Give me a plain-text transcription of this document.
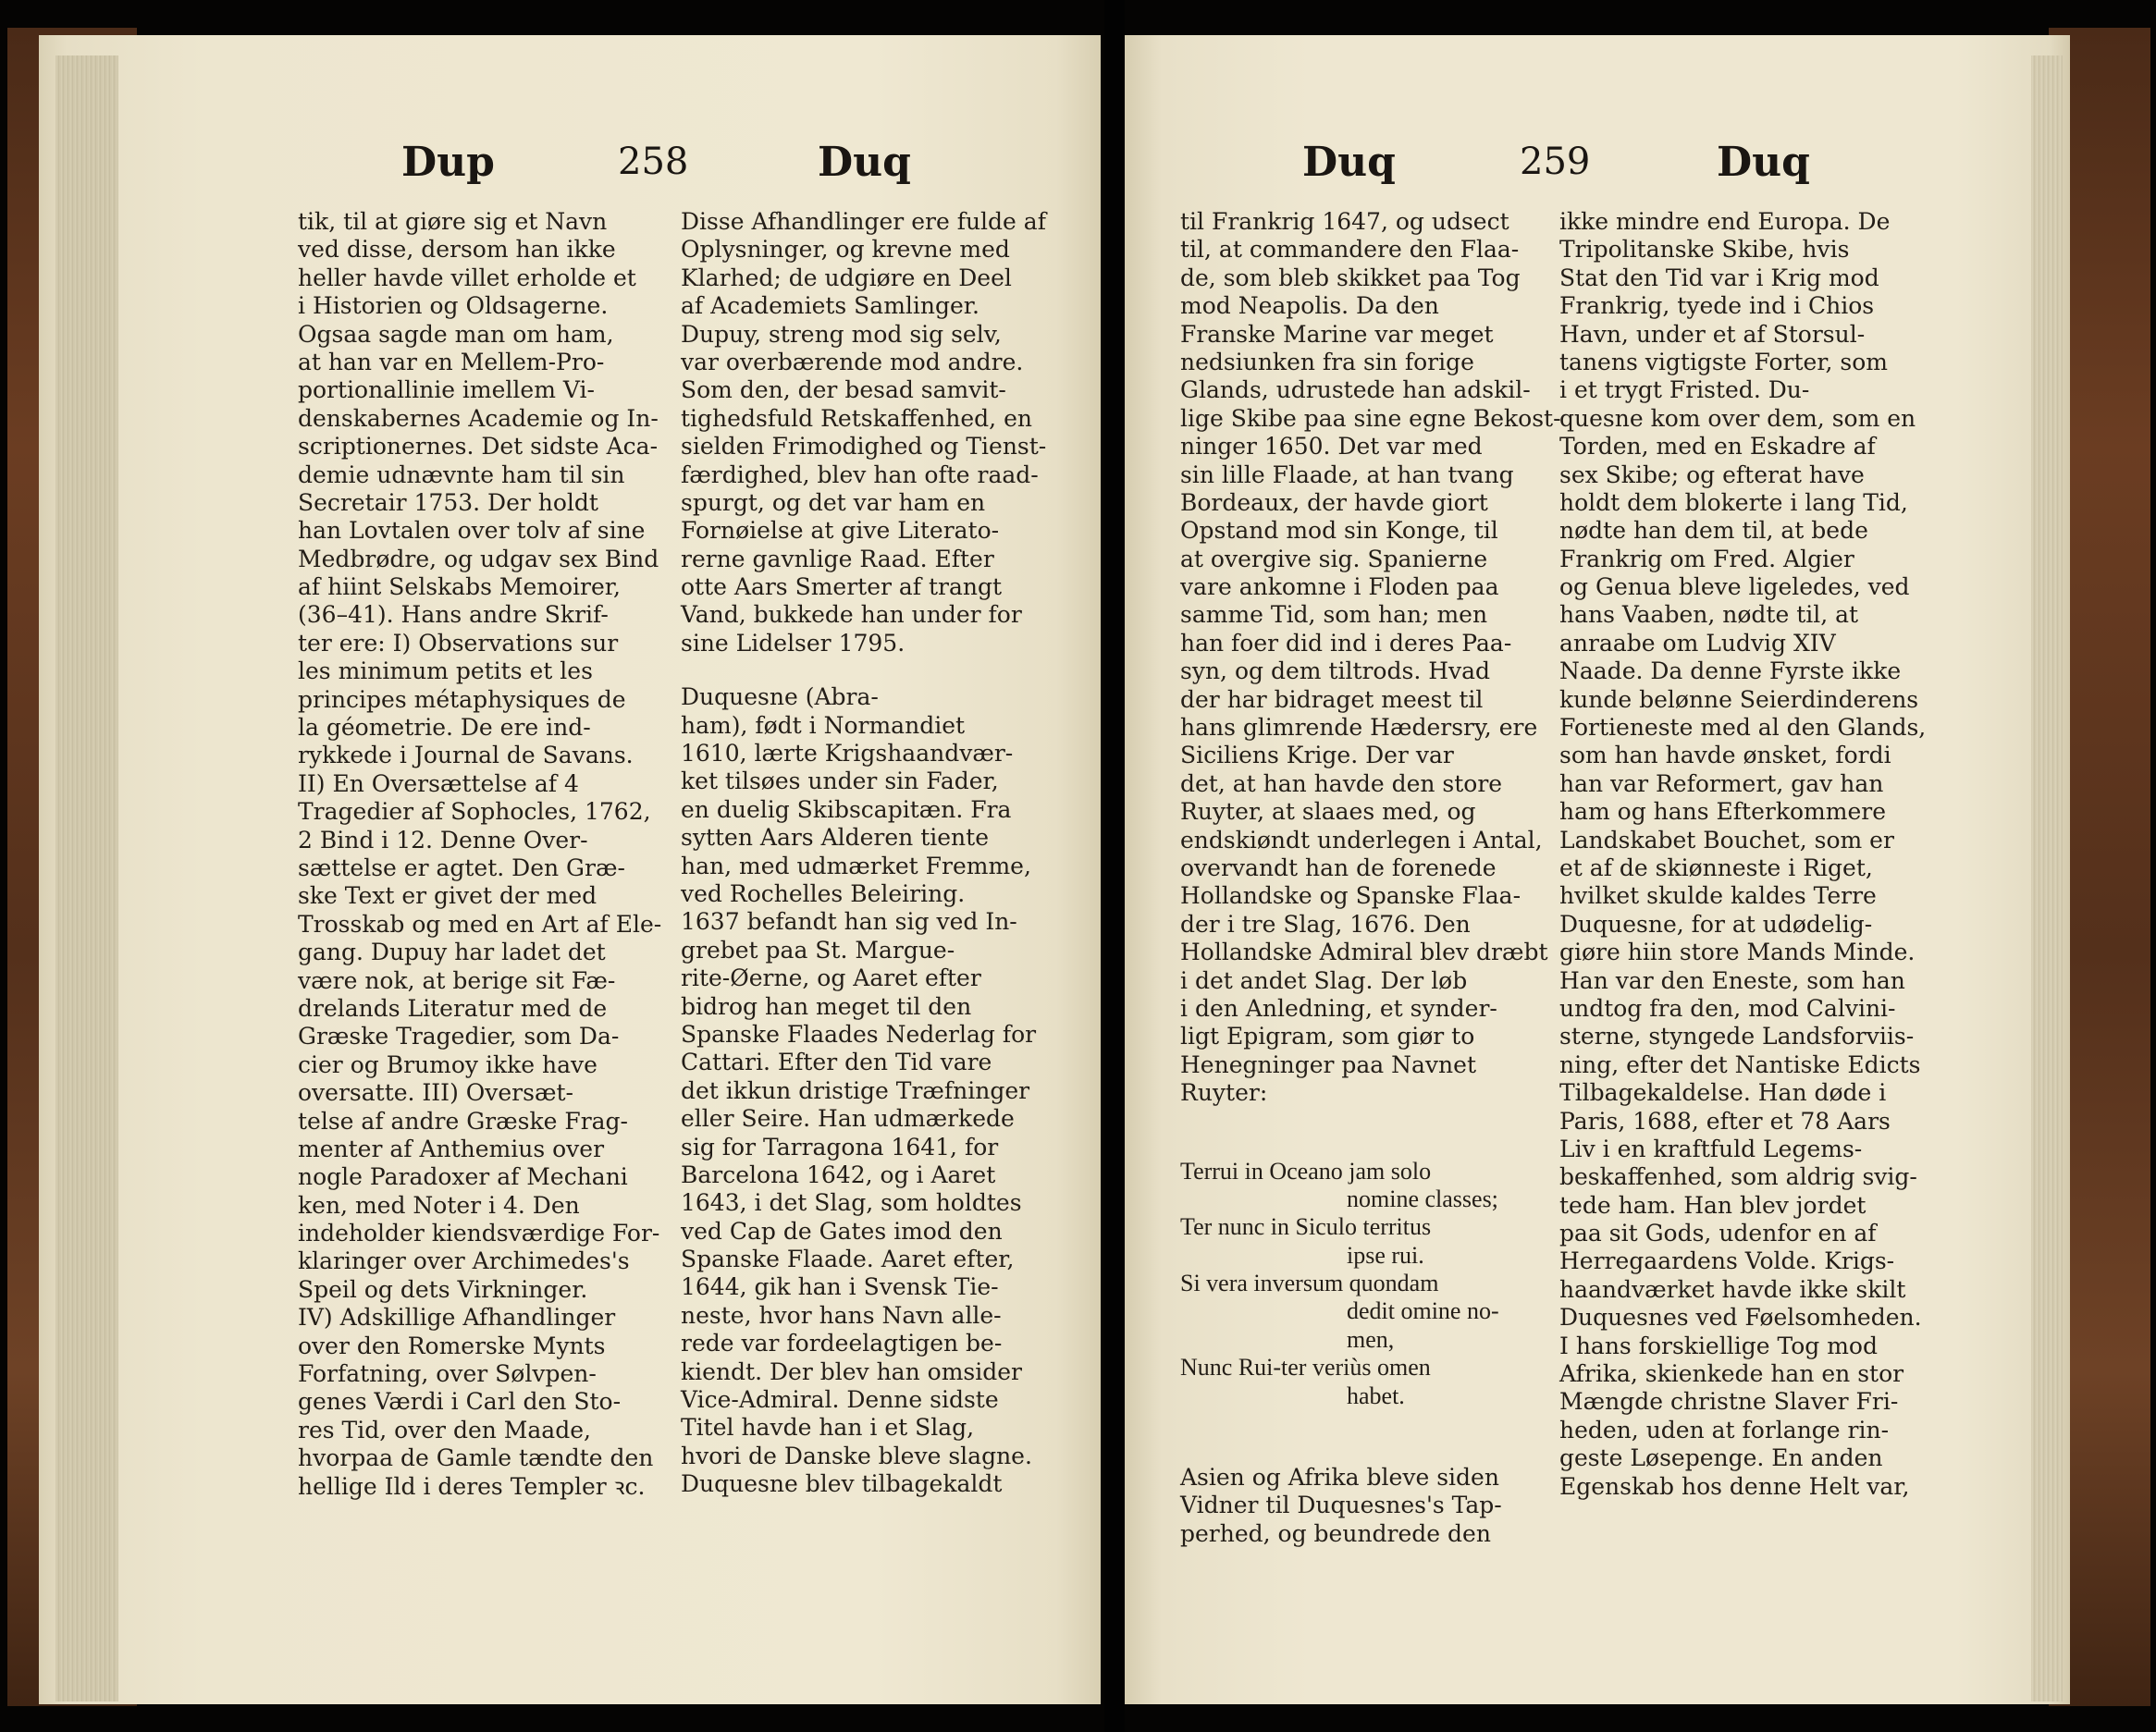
Dup	258	Duq	Duq	259	Duq
tik, til at giøre sig et Navn
ved disse, dersom han ikke
heller havde villet erholde et
i Historien og Oldsagerne.
Ogsaa sagde man om ham,
at han var en Mellem-Pro-
portionallinie imellem Vi-
denskabernes Academie og In-
scriptionernes. Det sidste Aca-
demie udnævnte ham til sin
Secretair 1753. Der holdt
han Lovtalen over tolv af sine
Medbrødre, og udgav sex Bind
af hiint Selskabs Memoirer,
(36–41). Hans andre Skrif-
ter ere: I) Observations sur
les minimum petits et les
principes métaphysiques de
la géometrie. De ere ind-
rykkede i Journal de Savans.
II) En Oversættelse af 4
Tragedier af Sophocles, 1762,
2 Bind i 12. Denne Over-
sættelse er agtet. Den Græ-
ske Text er givet der med
Trosskab og med en Art af Ele-
gang. Dupuy har ladet det
være nok, at berige sit Fæ-
drelands Literatur med de
Græske Tragedier, som Da-
cier og Brumoy ikke have
oversatte. III) Oversæt-
telse af andre Græske Frag-
menter af Anthemius over
nogle Paradoxer af Mechani
ken, med Noter i 4. Den
indeholder kiendsværdige For-
klaringer over Archimedes's
Speil og dets Virkninger.
IV) Adskillige Afhandlinger
over den Romerske Mynts
Forfatning, over Sølvpen-
genes Værdi i Carl den Sto-
res Tid, over den Maade,
hvorpaa de Gamle tændte den
hellige Ild i deres Templer ꝛc.
Disse Afhandlinger ere fulde af
Oplysninger, og krevne med
Klarhed; de udgiøre en Deel
af Academiets Samlinger.
Dupuy, streng mod sig selv,
var overbærende mod andre.
Som den, der besad samvit-
tighedsfuld Retskaffenhed, en
sielden Frimodighed og Tienst-
færdighed, blev han ofte raad-
spurgt, og det var ham en
Fornøielse at give Literato-
rerne gavnlige Raad. Efter
otte Aars Smerter af trangt
Vand, bukkede han under for
sine Lidelser 1795.
Duquesne (Abra-
ham), født i Normandiet
1610, lærte Krigshaandvær-
ket tilsøes under sin Fader,
en duelig Skibscapitæn. Fra
sytten Aars Alderen tiente
han, med udmærket Fremme,
ved Rochelles Beleiring.
1637 befandt han sig ved In-
grebet paa St. Margue-
rite-Øerne, og Aaret efter
bidrog han meget til den
Spanske Flaades Nederlag for
Cattari. Efter den Tid vare
det ikkun dristige Træfninger
eller Seire. Han udmærkede
sig for Tarragona 1641, for
Barcelona 1642, og i Aaret
1643, i det Slag, som holdtes
ved Cap de Gates imod den
Spanske Flaade. Aaret efter,
1644, gik han i Svensk Tie-
neste, hvor hans Navn alle-
rede var fordeelagtigen be-
kiendt. Der blev han omsider
Vice-Admiral. Denne sidste
Titel havde han i et Slag,
hvori de Danske bleve slagne.
Duquesne blev tilbagekaldt
til Frankrig 1647, og udsect
til, at commandere den Flaa-
de, som bleb skikket paa Tog
mod Neapolis. Da den
Franske Marine var meget
nedsiunken fra sin forige
Glands, udrustede han adskil-
lige Skibe paa sine egne Bekost-
ninger 1650. Det var med
sin lille Flaade, at han tvang
Bordeaux, der havde giort
Opstand mod sin Konge, til
at overgive sig. Spanierne
vare ankomne i Floden paa
samme Tid, som han; men
han foer did ind i deres Paa-
syn, og dem tiltrods. Hvad
der har bidraget meest til
hans glimrende Hædersry, ere
Siciliens Krige. Der var
det, at han havde den store
Ruyter, at slaaes med, og
endskiøndt underlegen i Antal,
overvandt han de forenede
Hollandske og Spanske Flaa-
der i tre Slag, 1676. Den
Hollandske Admiral blev dræbt
i det andet Slag. Der løb
i den Anledning, et synder-
ligt Epigram, som giør to
Henegninger paa Navnet
Ruyter:
Terrui in Oceano jam solo
nomine classes;
Ter nunc in Siculo territus
ipse rui.
Si vera inversum quondam
dedit omine no-
men,
Nunc Rui-ter veriùs omen
habet.
Asien og Afrika bleve siden
Vidner til Duquesnes's Tap-
perhed, og beundrede den
ikke mindre end Europa. De
Tripolitanske Skibe, hvis
Stat den Tid var i Krig mod
Frankrig, tyede ind i Chios
Havn, under et af Storsul-
tanens vigtigste Forter, som
i et trygt Fristed. Du-
quesne kom over dem, som en
Torden, med en Eskadre af
sex Skibe; og efterat have
holdt dem blokerte i lang Tid,
nødte han dem til, at bede
Frankrig om Fred. Algier
og Genua bleve ligeledes, ved
hans Vaaben, nødte til, at
anraabe om Ludvig XIV
Naade. Da denne Fyrste ikke
kunde belønne Seierdinderens
Fortieneste med al den Glands,
som han havde ønsket, fordi
han var Reformert, gav han
ham og hans Efterkommere
Landskabet Bouchet, som er
et af de skiønneste i Riget,
hvilket skulde kaldes Terre
Duquesne, for at udødelig-
giøre hiin store Mands Minde.
Han var den Eneste, som han
undtog fra den, mod Calvini-
sterne, styngede Landsforviis-
ning, efter det Nantiske Edicts
Tilbagekaldelse. Han døde i
Paris, 1688, efter et 78 Aars
Liv i en kraftfuld Legems-
beskaffenhed, som aldrig svig-
tede ham. Han blev jordet
paa sit Gods, udenfor en af
Herregaardens Volde. Krigs-
haandværket havde ikke skilt
Duquesnes ved Føelsomheden.
I hans forskiellige Tog mod
Afrika, skienkede han en stor
Mængde christne Slaver Fri-
heden, uden at forlange rin-
geste Løsepenge. En anden
Egenskab hos denne Helt var,
